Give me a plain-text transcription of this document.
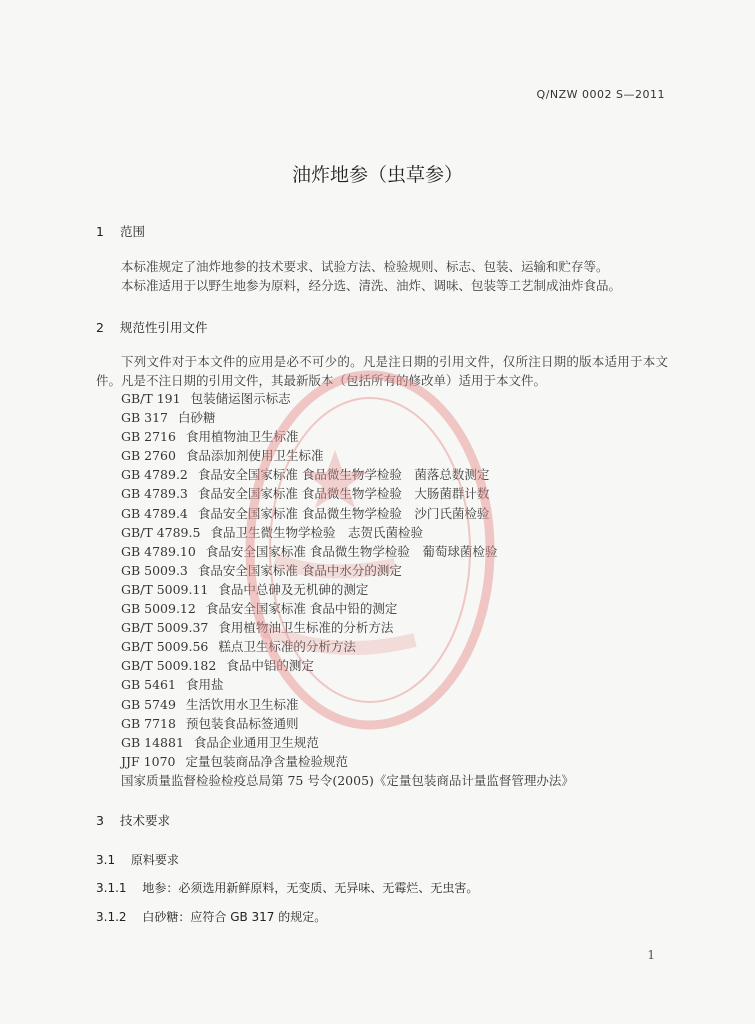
Q/NZW 0002 S—2011
油炸地参（虫草参）
1 范围

本标准规定了油炸地参的技术要求、试验方法、检验规则、标志、包装、运输和贮存等。

本标准适用于以野生地参为原料，经分选、清洗、油炸、调味、包装等工艺制成油炸食品。

2 规范性引用文件

下列文件对于本文件的应用是必不可少的。凡是注日期的引用文件，仅所注日期的版本适用于本文件。凡是不注日期的引用文件，其最新版本（包括所有的修改单）适用于本文件。

GB/T 191 包装储运图示标志
GB 317 白砂糖
GB 2716 食用植物油卫生标准
GB 2760 食品添加剂使用卫生标准
GB 4789.2 食品安全国家标准 食品微生物学检验　菌落总数测定
GB 4789.3 食品安全国家标准 食品微生物学检验　大肠菌群计数
GB 4789.4 食品安全国家标准 食品微生物学检验　沙门氏菌检验
GB/T 4789.5 食品卫生微生物学检验　志贺氏菌检验
GB 4789.10 食品安全国家标准 食品微生物学检验　葡萄球菌检验
GB 5009.3 食品安全国家标准 食品中水分的测定
GB/T 5009.11 食品中总砷及无机砷的测定
GB 5009.12 食品安全国家标准 食品中铅的测定
GB/T 5009.37 食用植物油卫生标准的分析方法
GB/T 5009.56 糕点卫生标准的分析方法
GB/T 5009.182 食品中铝的测定
GB 5461 食用盐
GB 5749 生活饮用水卫生标准
GB 7718 预包装食品标签通则
GB 14881 食品企业通用卫生规范
JJF 1070 定量包装商品净含量检验规范
国家质量监督检验检疫总局第 75 号令(2005)《定量包装商品计量监督管理办法》
3 技术要求
3.1 原料要求
3.1.1 地参：必须选用新鲜原料，无变质、无异味、无霉烂、无虫害。
3.1.2 白砂糖：应符合 GB 317 的规定。
1
